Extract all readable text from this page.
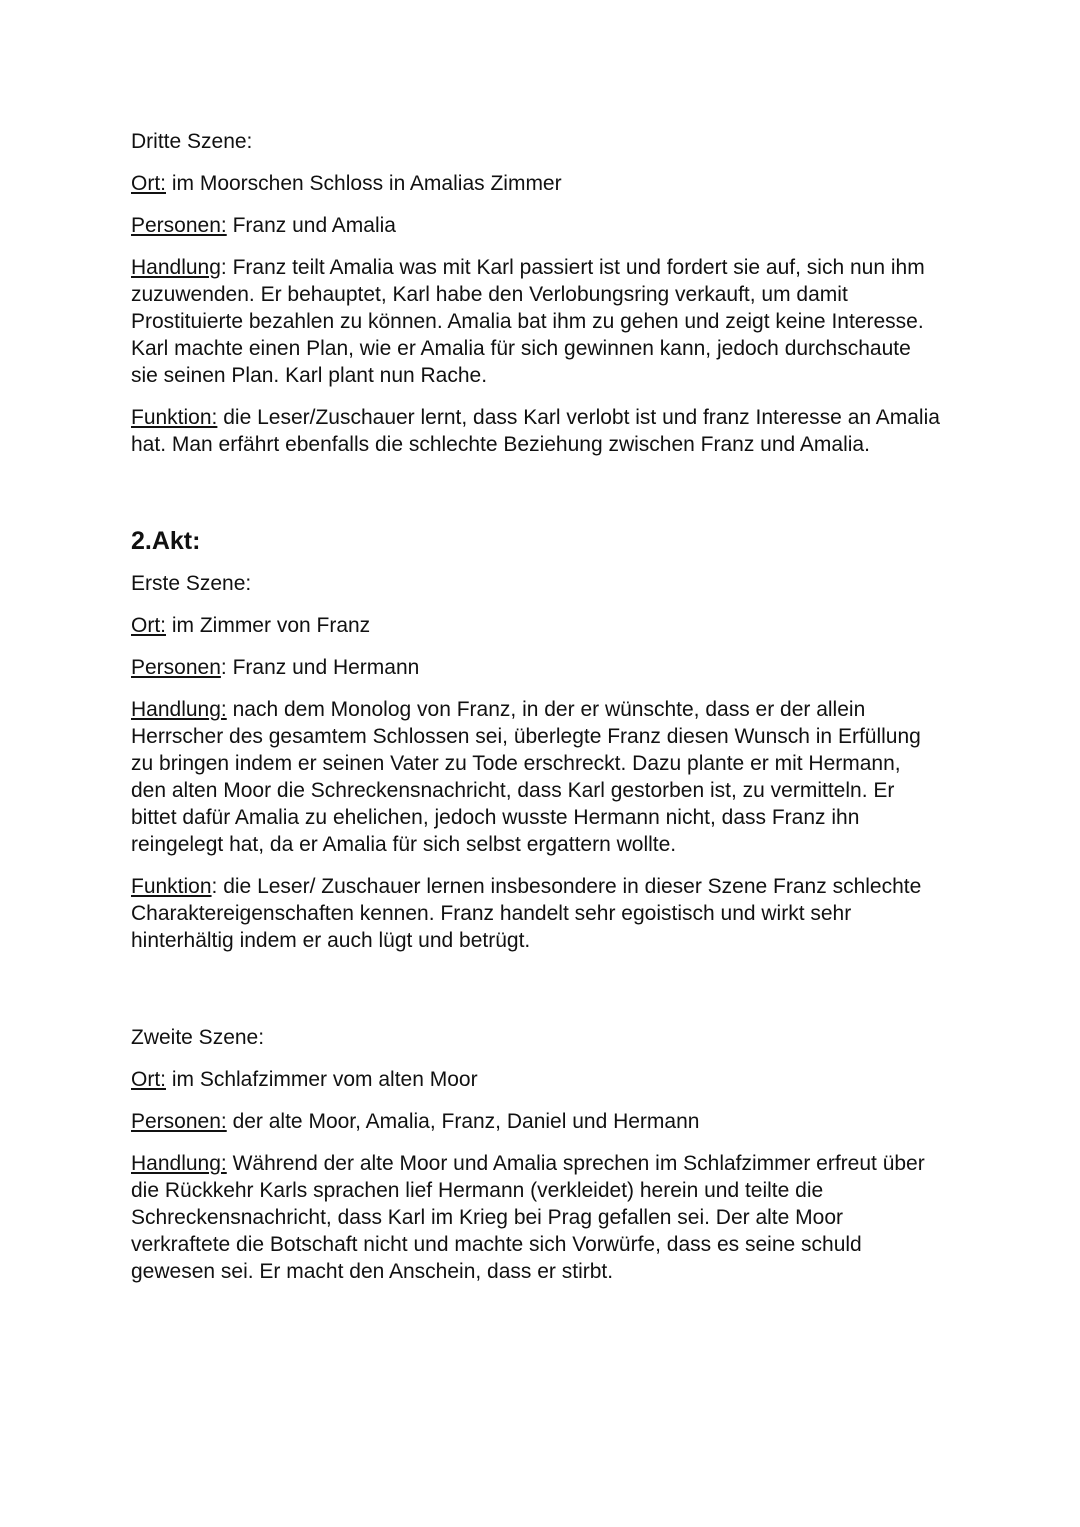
Dritte Szene:

Ort: im Moorschen Schloss in Amalias Zimmer

Personen: Franz und Amalia

Handlung: Franz teilt Amalia was mit Karl passiert ist und fordert sie auf, sich nun ihm zuzuwenden. Er behauptet, Karl habe den Verlobungsring verkauft, um damit Prostituierte bezahlen zu können. Amalia bat ihm zu gehen und zeigt keine Interesse. Karl machte einen Plan, wie er Amalia für sich gewinnen kann, jedoch durchschaute sie seinen Plan. Karl plant nun Rache.

Funktion: die Leser/Zuschauer lernt, dass Karl verlobt ist und franz Interesse an Amalia hat. Man erfährt ebenfalls die schlechte Beziehung zwischen Franz und Amalia.

2.Akt:

Erste Szene:

Ort: im Zimmer von Franz

Personen: Franz und Hermann

Handlung: nach dem Monolog von Franz, in der er wünschte, dass er der allein Herrscher des gesamtem Schlossen sei, überlegte Franz diesen Wunsch in Erfüllung zu bringen indem er seinen Vater zu Tode erschreckt. Dazu plante er mit Hermann, den alten Moor die Schreckensnachricht, dass Karl gestorben ist, zu vermitteln. Er bittet dafür Amalia zu ehelichen, jedoch wusste Hermann nicht, dass Franz ihn reingelegt hat, da er Amalia für sich selbst ergattern wollte.

Funktion: die Leser/ Zuschauer lernen insbesondere in dieser Szene Franz schlechte Charaktereigenschaften kennen. Franz handelt sehr egoistisch und wirkt sehr hinterhältig indem er auch lügt und betrügt.

Zweite Szene:

Ort: im Schlafzimmer vom alten Moor

Personen: der alte Moor, Amalia, Franz, Daniel und Hermann

Handlung: Während der alte Moor und Amalia sprechen im Schlafzimmer erfreut über die Rückkehr Karls sprachen lief Hermann (verkleidet) herein und teilte die Schreckensnachricht, dass Karl im Krieg bei Prag gefallen sei. Der alte Moor verkraftete die Botschaft nicht und machte sich Vorwürfe, dass es seine schuld gewesen sei. Er macht den Anschein, dass er stirbt.
